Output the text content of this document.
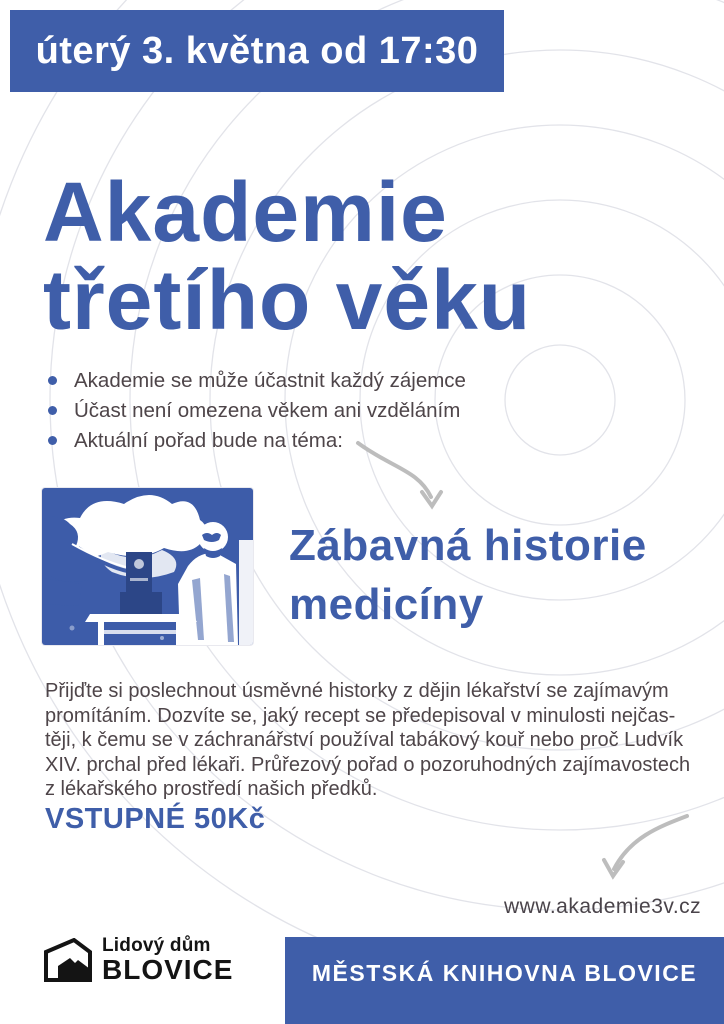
úterý 3. května od 17:30
Akademie
třetího věku
Akademie se může účastnit každý zájemce
Účast není omezena věkem ani vzděláním
Aktuální pořad bude na téma:
Zábavná historie
medicíny
Přijďte si poslechnout úsměvné historky z dějin lékařství se zajímavým
promítáním. Dozvíte se, jaký recept se předepisoval v minulosti nejčas-
těji, k čemu se v záchranářství používal tabákový kouř nebo proč Ludvík
XIV. prchal před lékaři. Průřezový pořad o pozoruhodných zajímavostech
z lékařského prostředí našich předků.
VSTUPNÉ 50Kč
www.akademie3v.cz
Lidový dům
BLOVICE	MĚSTSKÁ KNIHOVNA BLOVICE
